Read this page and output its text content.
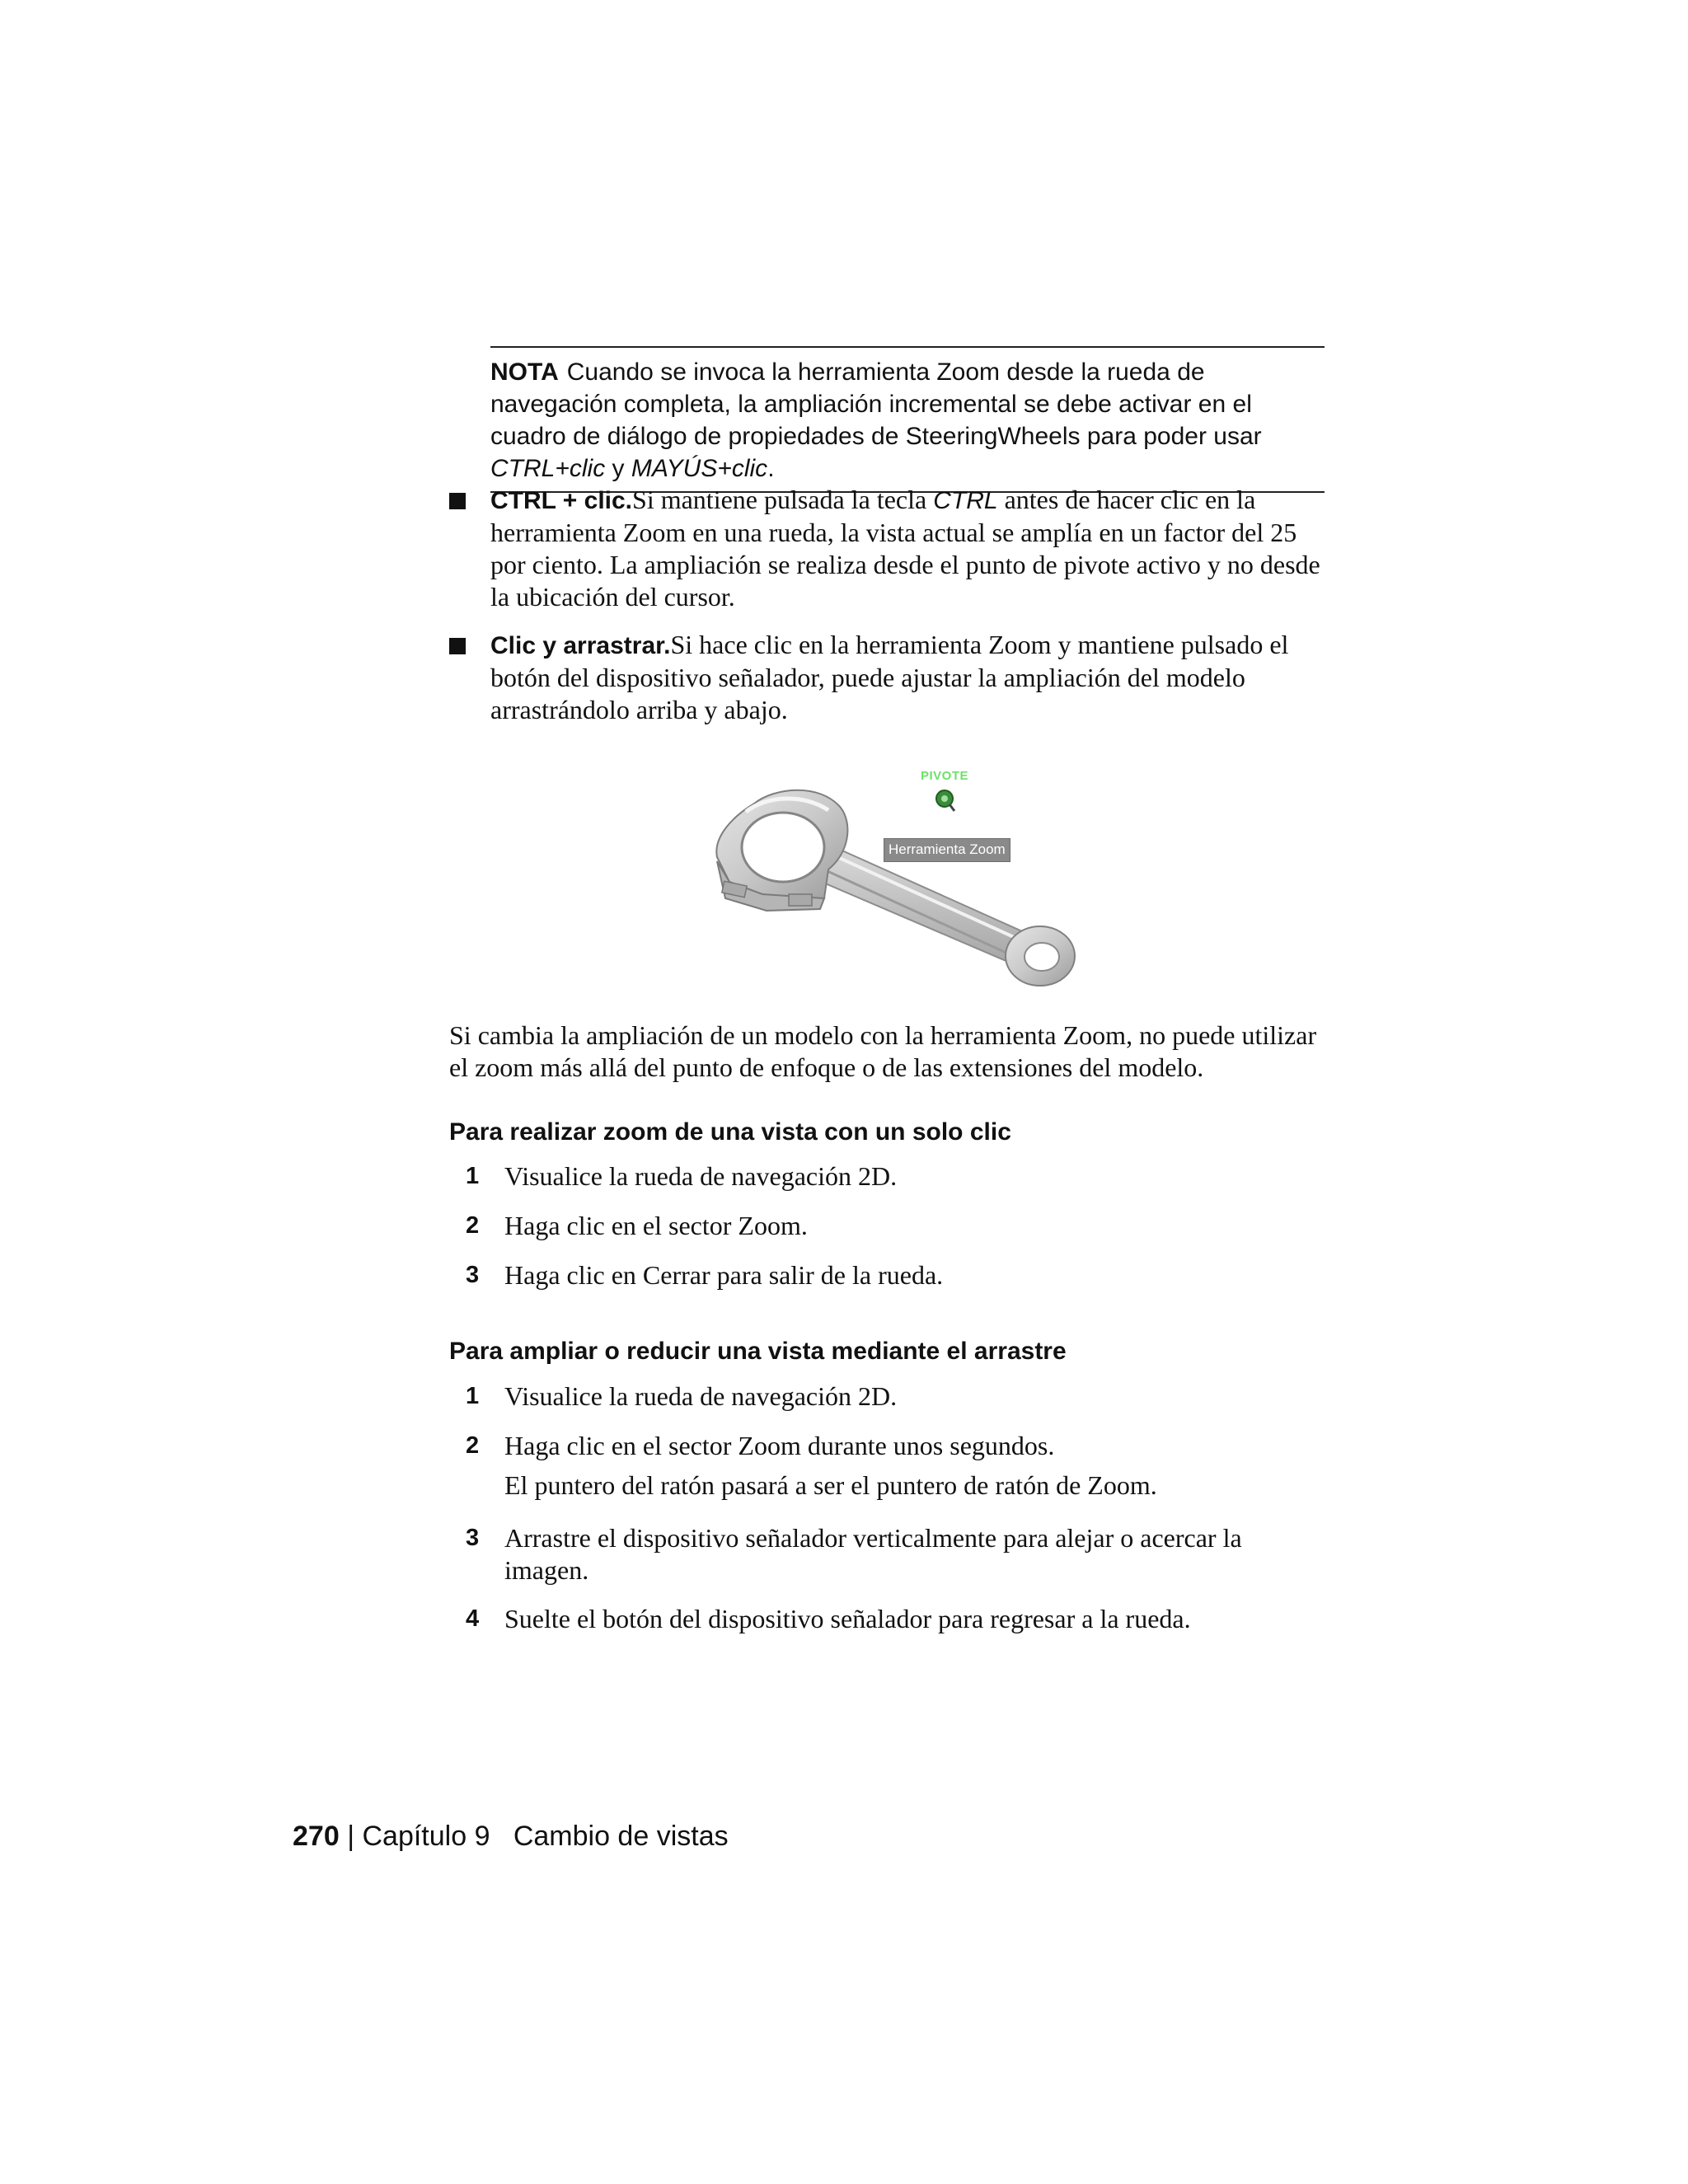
NOTA Cuando se invoca la herramienta Zoom desde la rueda de navegación completa, la ampliación incremental se debe activar en el cuadro de diálogo de propiedades de SteeringWheels para poder usar CTRL+clic y MAYÚS+clic.
CTRL + clic.Si mantiene pulsada la tecla CTRL antes de hacer clic en la herramienta Zoom en una rueda, la vista actual se amplía en un factor del 25 por ciento. La ampliación se realiza desde el punto de pivote activo y no desde la ubicación del cursor.
Clic y arrastrar.Si hace clic en la herramienta Zoom y mantiene pulsado el botón del dispositivo señalador, puede ajustar la ampliación del modelo arrastrándolo arriba y abajo.
PIVOTE
Herramienta Zoom
Si cambia la ampliación de un modelo con la herramienta Zoom, no puede utilizar el zoom más allá del punto de enfoque o de las extensiones del modelo.
Para realizar zoom de una vista con un solo clic
1 Visualice la rueda de navegación 2D.
2 Haga clic en el sector Zoom.
3 Haga clic en Cerrar para salir de la rueda.
Para ampliar o reducir una vista mediante el arrastre
1 Visualice la rueda de navegación 2D.
2 Haga clic en el sector Zoom durante unos segundos.
El puntero del ratón pasará a ser el puntero de ratón de Zoom.
3 Arrastre el dispositivo señalador verticalmente para alejar o acercar la imagen.
4 Suelte el botón del dispositivo señalador para regresar a la rueda.
270 | Capítulo 9 Cambio de vistas
